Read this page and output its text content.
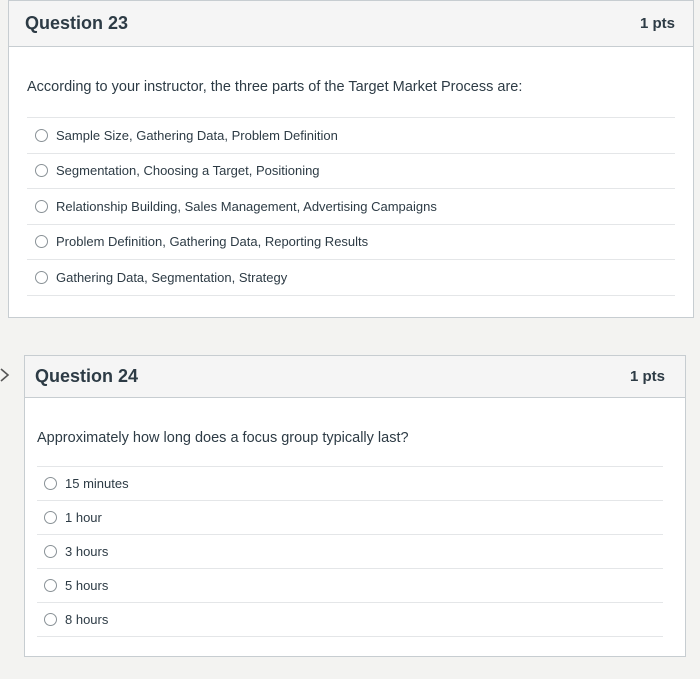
Question 23	1 pts

According to your instructor, the three parts of the Target Market Process are:

Sample Size, Gathering Data, Problem Definition
Segmentation, Choosing a Target, Positioning
Relationship Building, Sales Management, Advertising Campaigns
Problem Definition, Gathering Data, Reporting Results
Gathering Data, Segmentation, Strategy
Question 24	1 pts

Approximately how long does a focus group typically last?

15 minutes
1 hour
3 hours
5 hours
8 hours
